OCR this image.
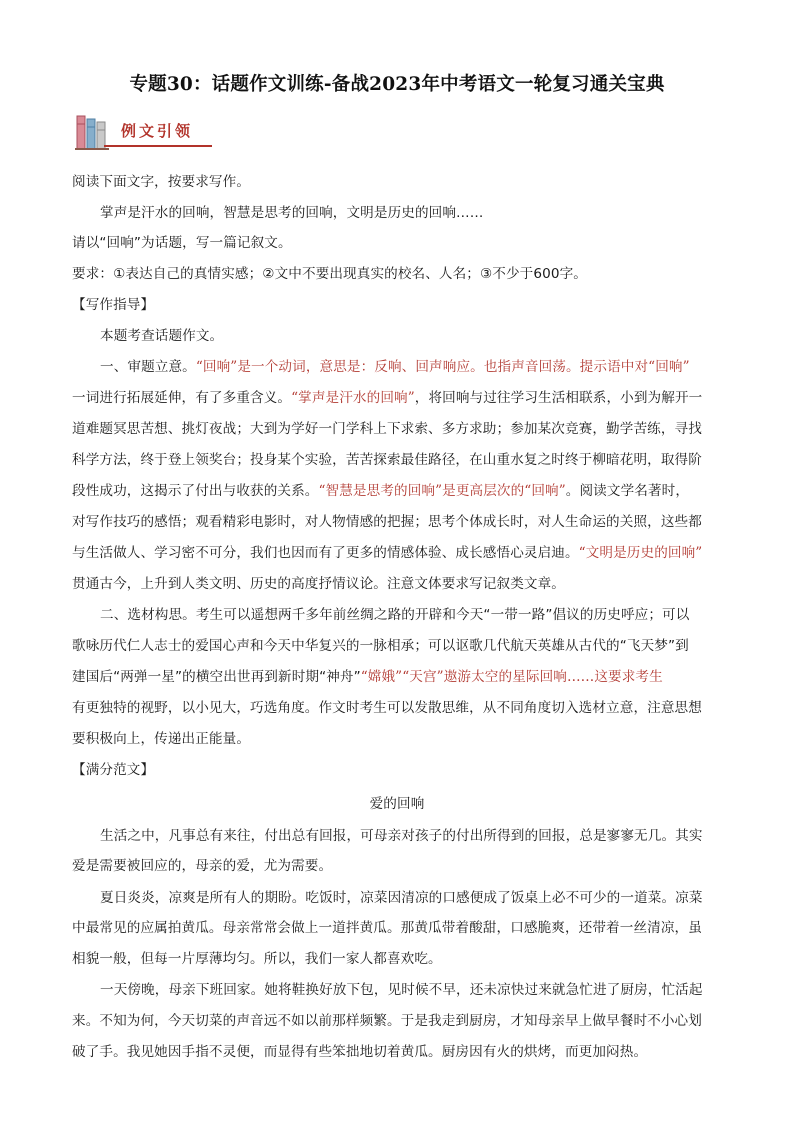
专题30：话题作文训练-备战2023年中考语文一轮复习通关宝典
例文引领
阅读下面文字，按要求写作。
掌声是汗水的回响，智慧是思考的回响，文明是历史的回响……
请以“回响”为话题，写一篇记叙文。
要求：①表达自己的真情实感；②文中不要出现真实的校名、人名；③不少于600字。
【写作指导】
本题考查话题作文。
一、审题立意。“回响”是一个动词，意思是：反响、回声响应。也指声音回荡。提示语中对“回响”
一词进行拓展延伸，有了多重含义。“掌声是汗水的回响”，将回响与过往学习生活相联系，小到为解开一
道难题冥思苦想、挑灯夜战；大到为学好一门学科上下求索、多方求助；参加某次竞赛，勤学苦练，寻找
科学方法，终于登上领奖台；投身某个实验，苦苦探索最佳路径，在山重水复之时终于柳暗花明，取得阶
段性成功，这揭示了付出与收获的关系。“智慧是思考的回响”是更高层次的“回响”。阅读文学名著时，
对写作技巧的感悟；观看精彩电影时，对人物情感的把握；思考个体成长时，对人生命运的关照，这些都
与生活做人、学习密不可分，我们也因而有了更多的情感体验、成长感悟心灵启迪。“文明是历史的回响”
贯通古今，上升到人类文明、历史的高度抒情议论。注意文体要求写记叙类文章。
二、选材构思。考生可以遥想两千多年前丝绸之路的开辟和今天“一带一路”倡议的历史呼应；可以
歌咏历代仁人志士的爱国心声和今天中华复兴的一脉相承；可以讴歌几代航天英雄从古代的“飞天梦”到
建国后“两弹一星”的横空出世再到新时期“神舟”“嫦娥”“天宫”遨游太空的星际回响……这要求考生
有更独特的视野，以小见大，巧选角度。作文时考生可以发散思维，从不同角度切入选材立意，注意思想
要积极向上，传递出正能量。
【满分范文】
爱的回响
生活之中，凡事总有来往，付出总有回报，可母亲对孩子的付出所得到的回报，总是寥寥无几。其实
爱是需要被回应的，母亲的爱，尤为需要。
夏日炎炎，凉爽是所有人的期盼。吃饭时，凉菜因清凉的口感便成了饭桌上必不可少的一道菜。凉菜
中最常见的应属拍黄瓜。母亲常常会做上一道拌黄瓜。那黄瓜带着酸甜，口感脆爽，还带着一丝清凉，虽
相貌一般，但每一片厚薄均匀。所以，我们一家人都喜欢吃。
一天傍晚，母亲下班回家。她将鞋换好放下包，见时候不早，还未凉快过来就急忙进了厨房，忙活起
来。不知为何，今天切菜的声音远不如以前那样频繁。于是我走到厨房，才知母亲早上做早餐时不小心划
破了手。我见她因手指不灵便，而显得有些笨拙地切着黄瓜。厨房因有火的烘烤，而更加闷热。
